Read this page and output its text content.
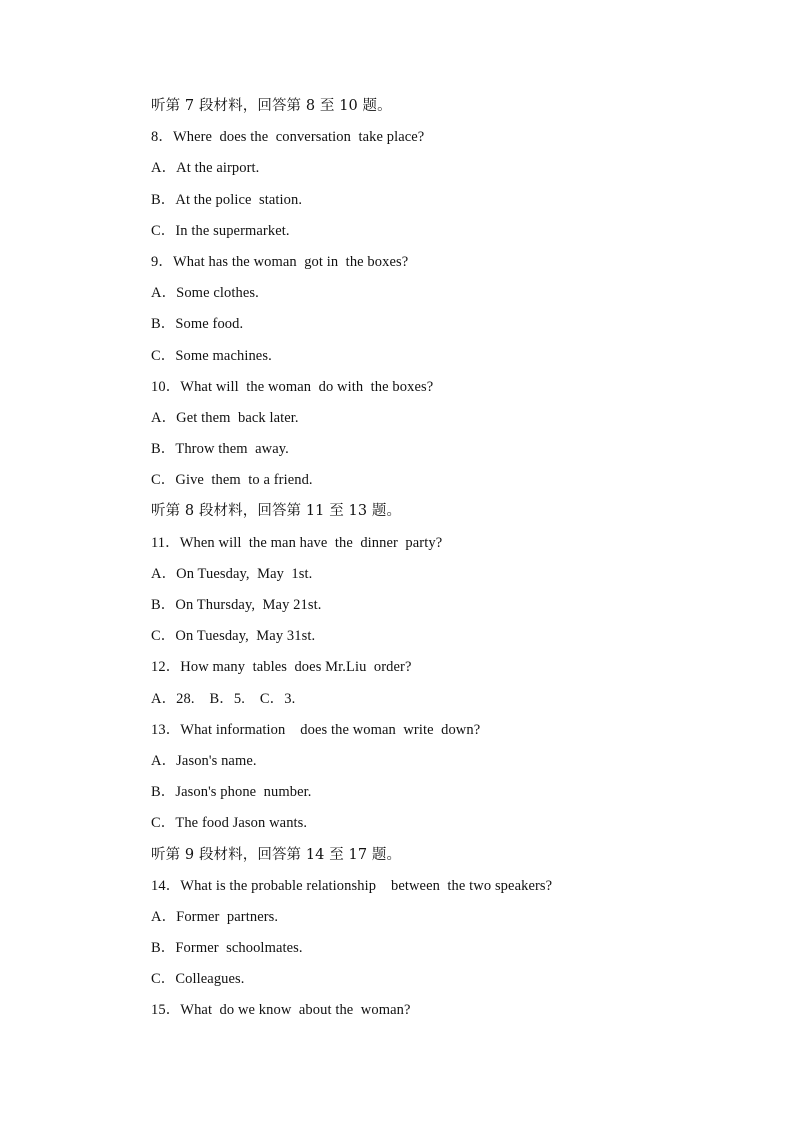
听第 7 段材料，回答第 8 至 10 题。
8．Where  does the  conversation  take place?
A．At the airport.
B．At the police  station.
C．In the supermarket.
9．What has the woman  got in  the boxes?
A．Some clothes.
B．Some food.
C．Some machines.
10．What will  the woman  do with  the boxes?
A．Get them  back later.
B．Throw them  away.
C．Give  them  to a friend.
听第 8 段材料，回答第 11 至 13 题。
11．When will  the man have  the  dinner  party?
A．On Tuesday,  May  1st.
B．On Thursday,  May 21st.
C．On Tuesday,  May 31st.
12．How many  tables  does Mr.Liu  order?
A．28.    B．5.    C．3.
13．What information    does the woman  write  down?
A．Jason's name.
B．Jason's phone  number.
C．The food Jason wants.
听第 9 段材料，回答第 14 至 17 题。
14．What is the probable relationship    between  the two speakers?
A．Former  partners.
B．Former  schoolmates.
C．Colleagues.
15．What  do we know  about the  woman?
